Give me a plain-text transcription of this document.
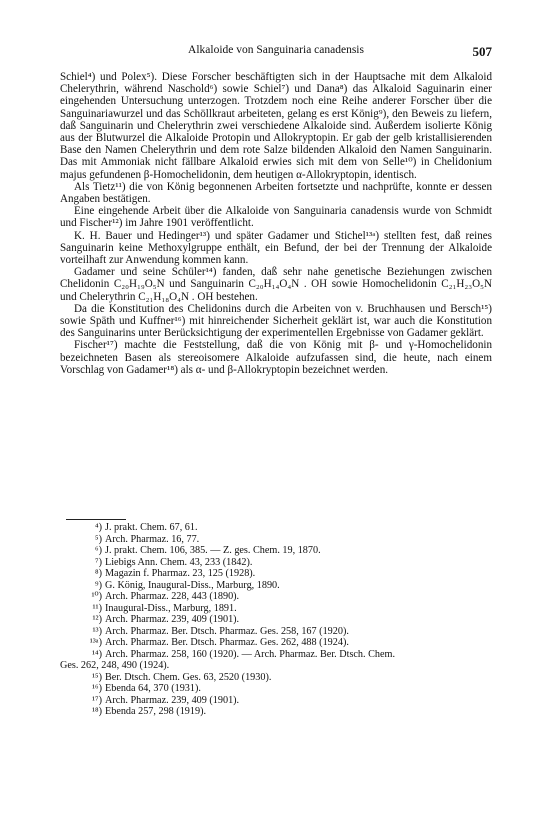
Alkaloide von Sanguinaria canadensis	507

Schiel⁴) und Polex⁵). Diese Forscher beschäftigten sich in der Hauptsache mit dem Alkaloid Chelerythrin, während Naschold⁶) sowie Schiel⁷) und Dana⁸) das Alkaloid Saguinarin einer eingehenden Untersuchung unterzogen. Trotzdem noch eine Reihe anderer Forscher über die Sanguinariawurzel und das Schöllkraut arbeiteten, gelang es erst König⁹), den Beweis zu liefern, daß Sanguinarin und Chelerythrin zwei verschiedene Alkaloide sind. Außerdem isolierte König aus der Blutwurzel die Alkaloide Protopin und Allokryptopin. Er gab der gelb kristallisierenden Base den Namen Chelerythrin und dem rote Salze bildenden Alkaloid den Namen Sanguinarin. Das mit Ammoniak nicht fällbare Alkaloid erwies sich mit dem von Selle¹⁰) in Chelidonium majus gefundenen β-Homochelidonin, dem heutigen α-Allokryptopin, identisch.

Als Tietz¹¹) die von König begonnenen Arbeiten fortsetzte und nachprüfte, konnte er dessen Angaben bestätigen.

Eine eingehende Arbeit über die Alkaloide von Sanguinaria canadensis wurde von Schmidt und Fischer¹²) im Jahre 1901 veröffentlicht.

K. H. Bauer und Hedinger¹³) und später Gadamer und Stichel¹³ᵃ) stellten fest, daß reines Sanguinarin keine Methoxylgruppe enthält, ein Befund, der bei der Trennung der Alkaloide vorteilhaft zur Anwendung kommen kann.

Gadamer und seine Schüler¹⁴) fanden, daß sehr nahe genetische Beziehungen zwischen Chelidonin C₂₀H₁₉O₅N und Sanguinarin C₂₀H₁₄O₄N . OH sowie Homochelidonin C₂₁H₂₃O₅N und Chelerythrin C₂₁H₁₈O₄N . OH bestehen.

Da die Konstitution des Chelidonins durch die Arbeiten von v. Bruchhausen und Bersch¹⁵) sowie Späth und Kuffner¹⁶) mit hinreichender Sicherheit geklärt ist, war auch die Konstitution des Sanguinarins unter Berücksichtigung der experimentellen Ergebnisse von Gadamer geklärt.

Fischer¹⁷) machte die Feststellung, daß die von König mit β- und γ-Homochelidonin bezeichneten Basen als stereoisomere Alkaloide aufzufassen sind, die heute, nach einem Vorschlag von Gadamer¹⁸) als α- und β-Allokryptopin bezeichnet werden.

⁴) J. prakt. Chem. 67, 61.
⁵) Arch. Pharmaz. 16, 77.
⁶) J. prakt. Chem. 106, 385. — Z. ges. Chem. 19, 1870.
⁷) Liebigs Ann. Chem. 43, 233 (1842).
⁸) Magazin f. Pharmaz. 23, 125 (1928).
⁹) G. König, Inaugural-Diss., Marburg, 1890.
¹⁰) Arch. Pharmaz. 228, 443 (1890).
¹¹) Inaugural-Diss., Marburg, 1891.
¹²) Arch. Pharmaz. 239, 409 (1901).
¹³) Arch. Pharmaz. Ber. Dtsch. Pharmaz. Ges. 258, 167 (1920).
¹³ᵃ) Arch. Pharmaz. Ber. Dtsch. Pharmaz. Ges. 262, 488 (1924).
¹⁴) Arch. Pharmaz. 258, 160 (1920). — Arch. Pharmaz. Ber. Dtsch. Chem.
Ges. 262, 248, 490 (1924).
¹⁵) Ber. Dtsch. Chem. Ges. 63, 2520 (1930).
¹⁶) Ebenda 64, 370 (1931).
¹⁷) Arch. Pharmaz. 239, 409 (1901).
¹⁸) Ebenda 257, 298 (1919).
